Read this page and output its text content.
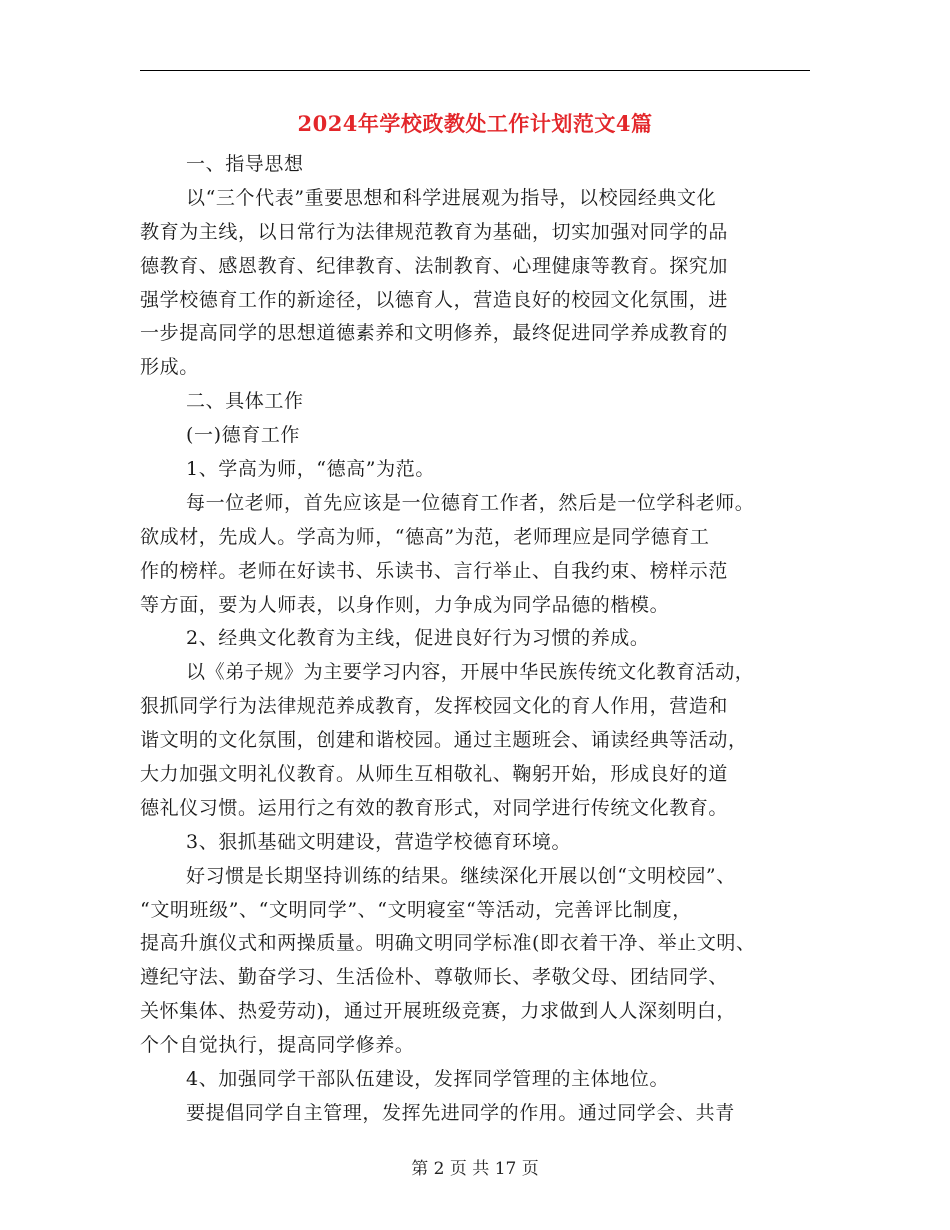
2024年学校政教处工作计划范文4篇
一、指导思想
以“三个代表”重要思想和科学进展观为指导，以校园经典文化
教育为主线，以日常行为法律规范教育为基础，切实加强对同学的品
德教育、感恩教育、纪律教育、法制教育、心理健康等教育。探究加
强学校德育工作的新途径，以德育人，营造良好的校园文化氛围，进
一步提高同学的思想道德素养和文明修养，最终促进同学养成教育的
形成。
二、具体工作
(一)德育工作
1、学高为师，“德高”为范。
每一位老师，首先应该是一位德育工作者，然后是一位学科老师。
欲成材，先成人。学高为师，“德高”为范，老师理应是同学德育工
作的榜样。老师在好读书、乐读书、言行举止、自我约束、榜样示范
等方面，要为人师表，以身作则，力争成为同学品德的楷模。
2、经典文化教育为主线，促进良好行为习惯的养成。
以《弟子规》为主要学习内容，开展中华民族传统文化教育活动，
狠抓同学行为法律规范养成教育，发挥校园文化的育人作用，营造和
谐文明的文化氛围，创建和谐校园。通过主题班会、诵读经典等活动，
大力加强文明礼仪教育。从师生互相敬礼、鞠躬开始，形成良好的道
德礼仪习惯。运用行之有效的教育形式，对同学进行传统文化教育。
3、狠抓基础文明建设，营造学校德育环境。
好习惯是长期坚持训练的结果。继续深化开展以创“文明校园”、
“文明班级”、“文明同学”、“文明寝室“等活动，完善评比制度，
提高升旗仪式和两操质量。明确文明同学标准(即衣着干净、举止文明、
遵纪守法、勤奋学习、生活俭朴、尊敬师长、孝敬父母、团结同学、
关怀集体、热爱劳动)，通过开展班级竞赛，力求做到人人深刻明白，
个个自觉执行，提高同学修养。
4、加强同学干部队伍建设，发挥同学管理的主体地位。
要提倡同学自主管理，发挥先进同学的作用。通过同学会、共青
第 2 页 共 17 页
